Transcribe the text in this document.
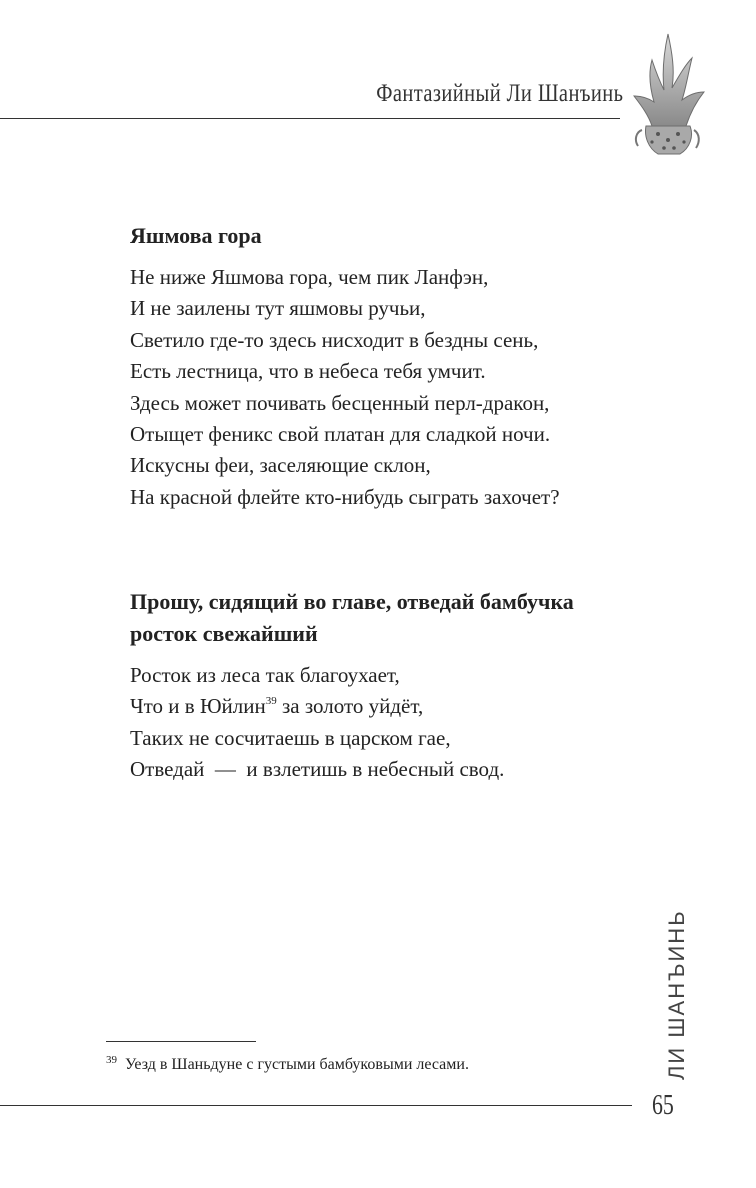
Фантазийный Ли Шанъинь
Яшмова гора
Не ниже Яшмова гора, чем пик Ланфэн,
И не заилены тут яшмовы ручьи,
Светило где-то здесь нисходит в бездны сень,
Есть лестница, что в небеса тебя умчит.
Здесь может почивать бесценный перл-дракон,
Отыщет феникс свой платан для сладкой ночи.
Искусны феи, заселяющие склон,
На красной флейте кто-нибудь сыграть захочет?
Прошу, сидящий во главе, отведай бамбучка
росток свежайший
Росток из леса так благоухает,
Что и в Юйлин$^{39}$ за золото уйдёт,
Таких не сосчитаешь в царском гае,
Отведай  —  и взлетишь в небесный свод.
$^{39}$ Уезд в Шаньдуне с густыми бамбуковыми лесами.	ЛИ ШАНЪИНЬ
65
